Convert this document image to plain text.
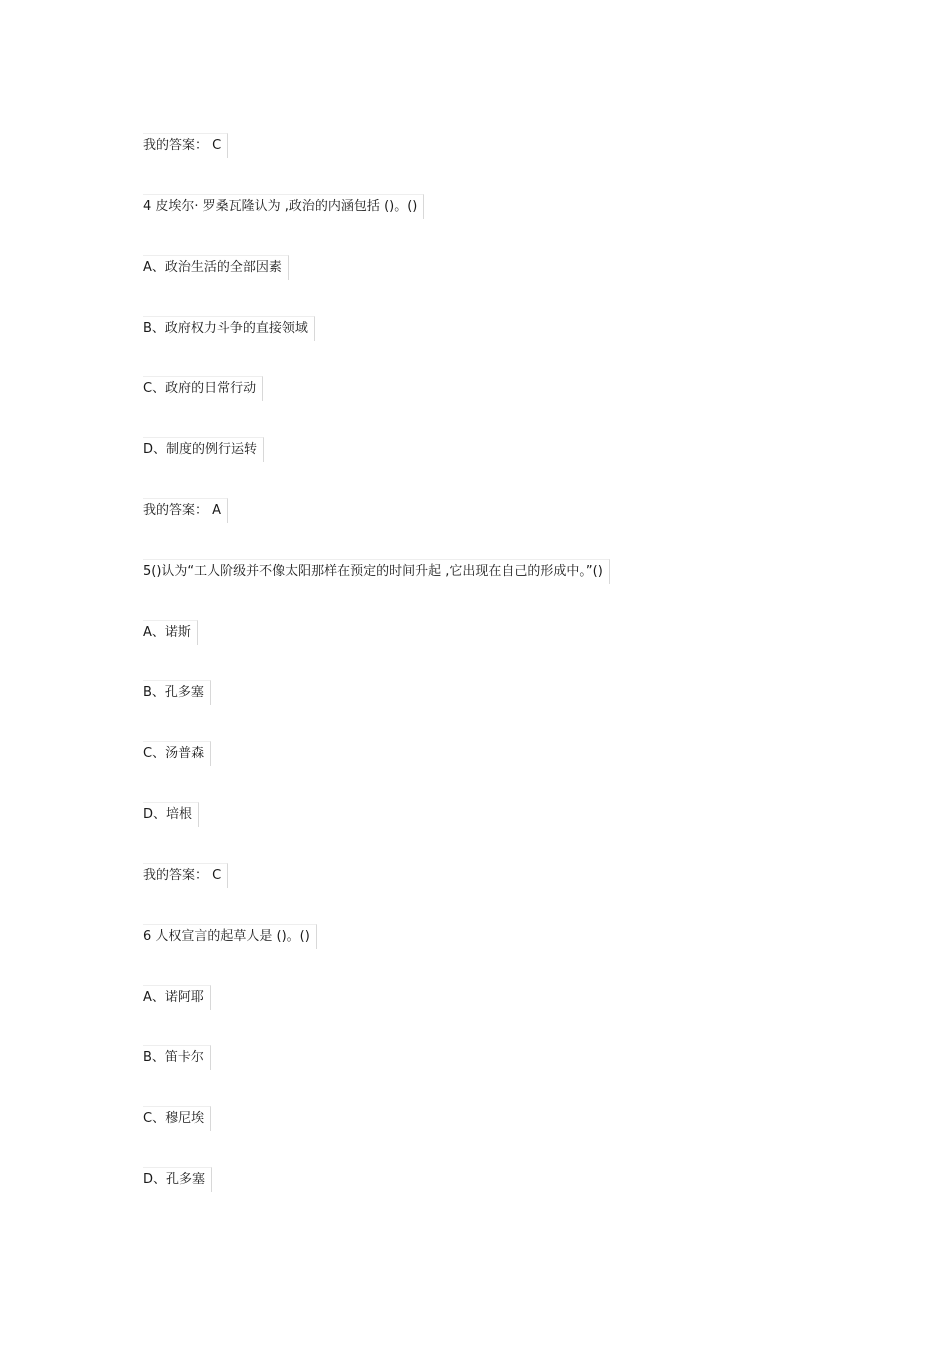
我的答案： C
4 皮埃尔· 罗桑瓦隆认为 ,政治的内涵包括 ()。()
A、政治生活的全部因素
B、政府权力斗争的直接领域
C、政府的日常行动
D、制度的例行运转
我的答案： A
5()认为“工人阶级并不像太阳那样在预定的时间升起 ,它出现在自己的形成中。”()
A、诺斯
B、孔多塞
C、汤普森
D、培根
我的答案： C
6 人权宣言的起草人是 ()。()
A、诺阿耶
B、笛卡尔
C、穆尼埃
D、孔多塞
